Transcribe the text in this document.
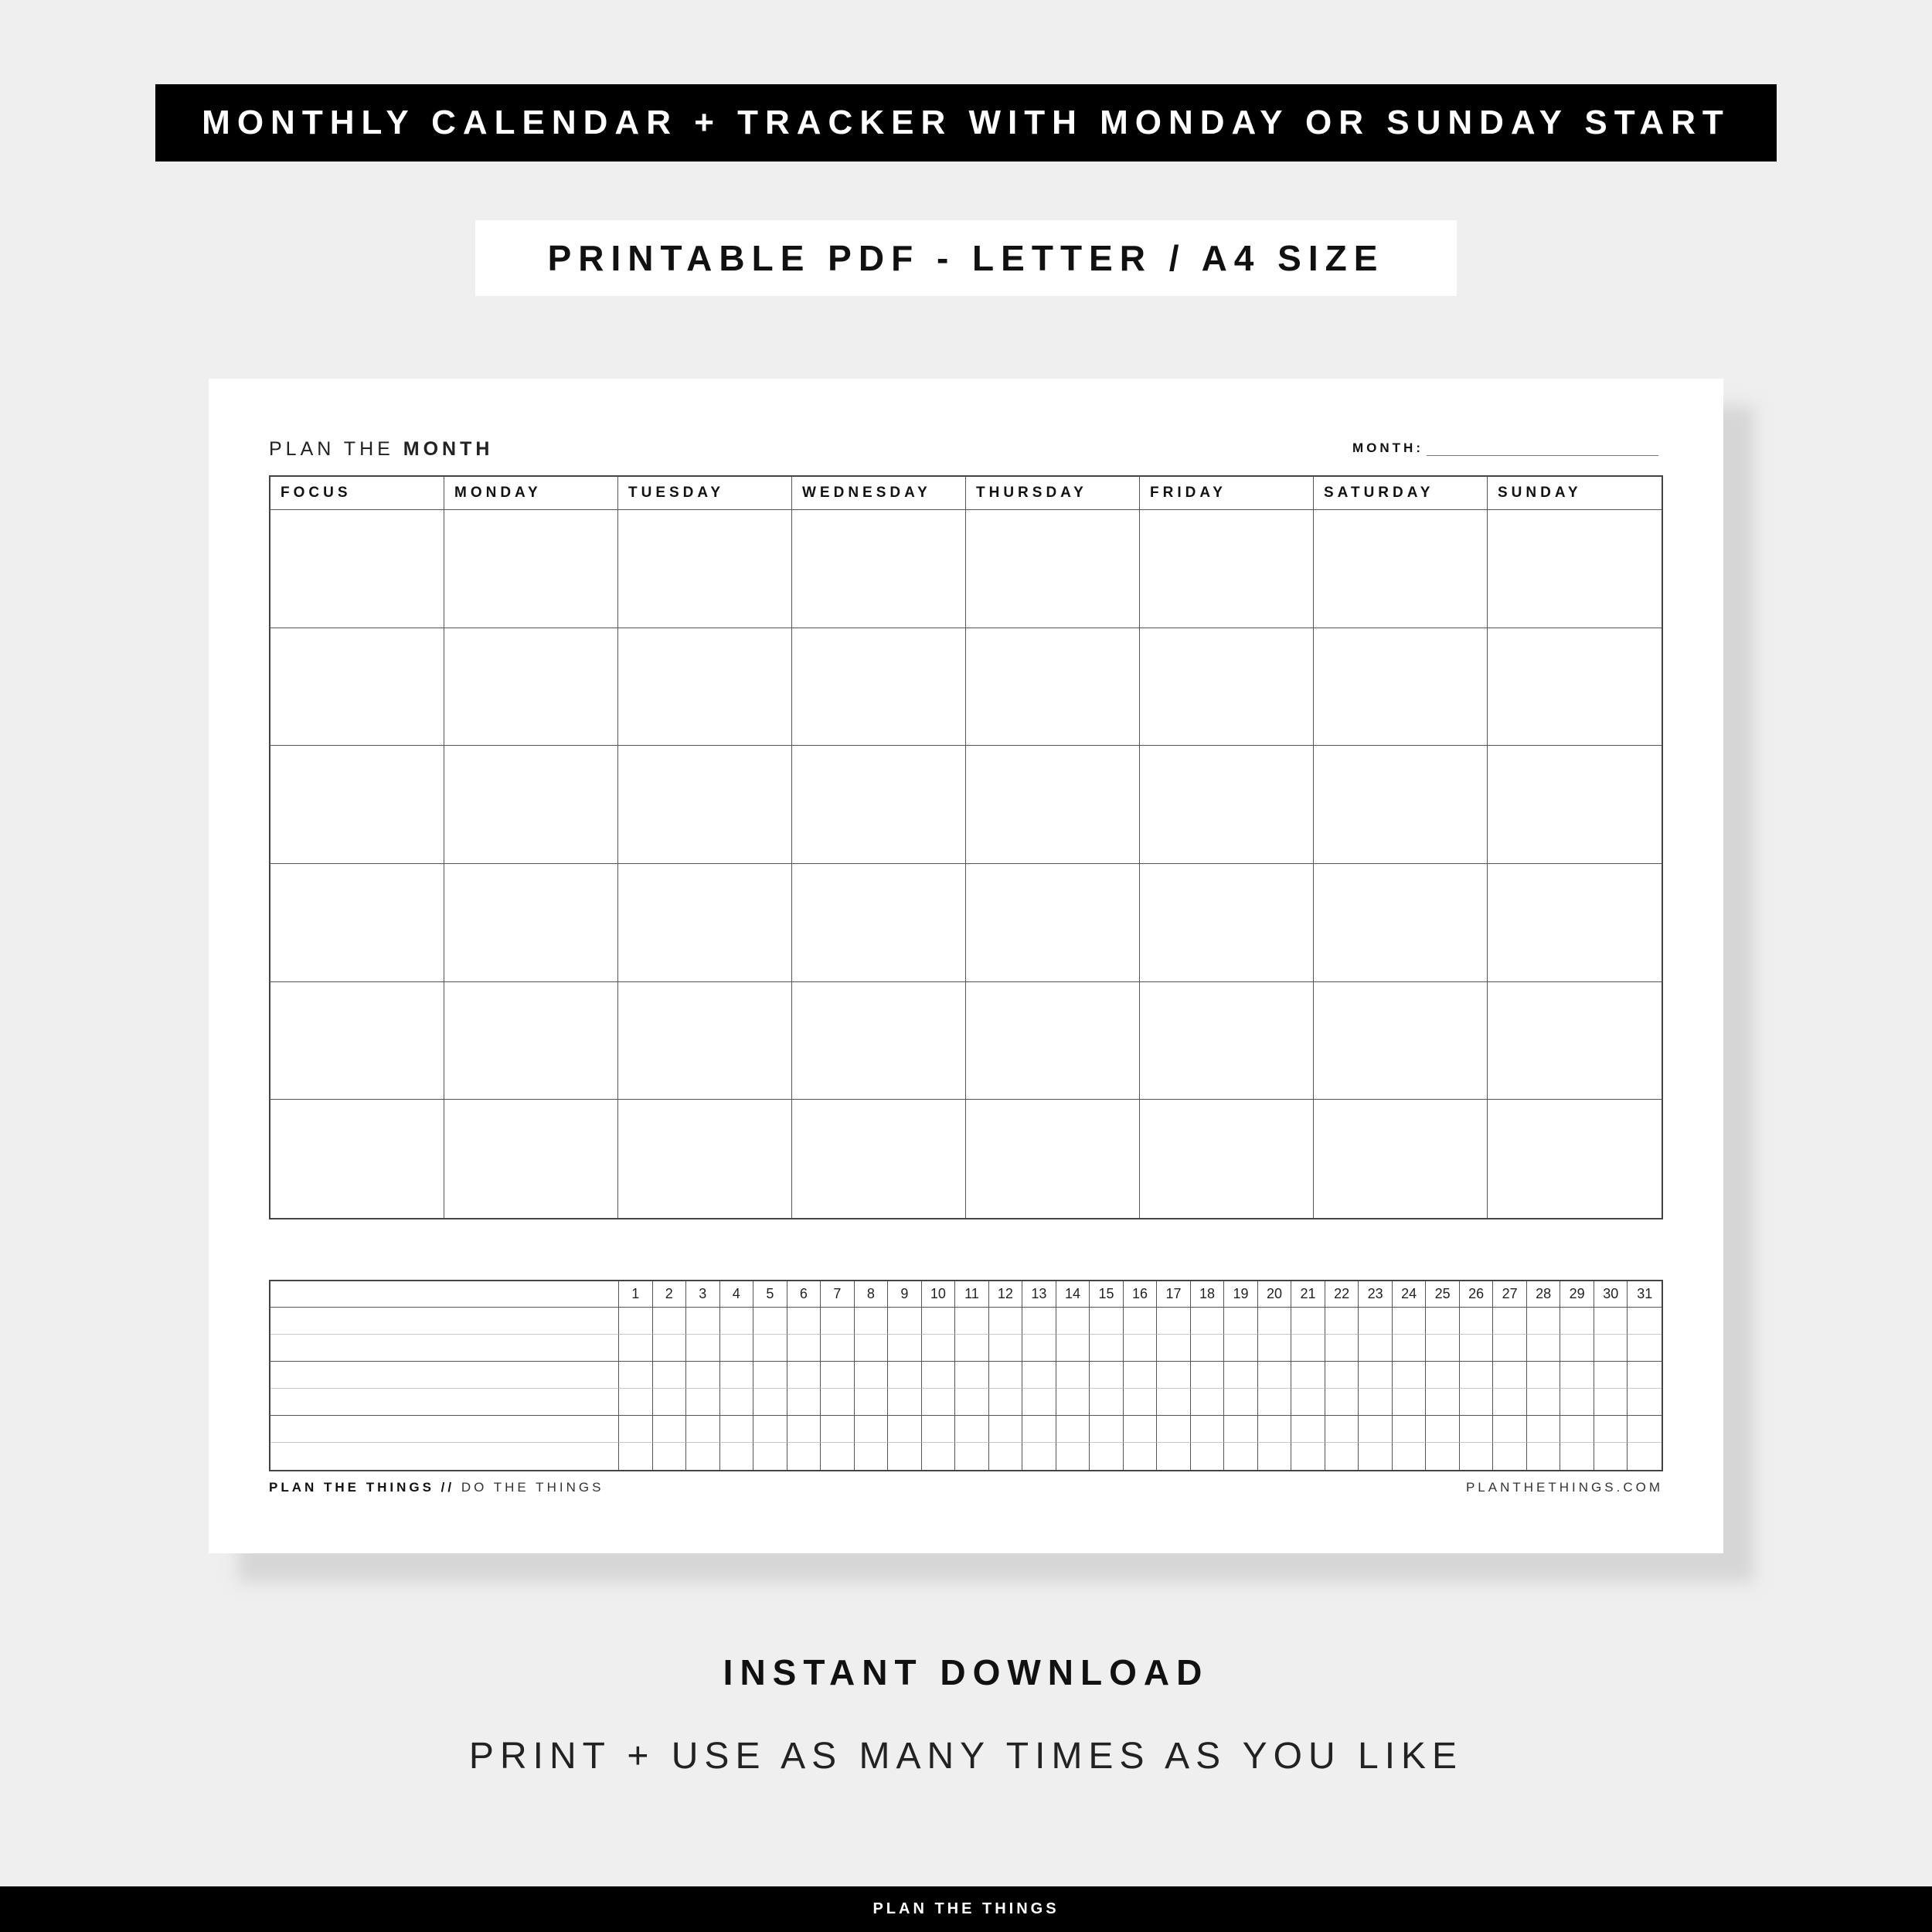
MONTHLY CALENDAR + TRACKER WITH MONDAY OR SUNDAY START
PRINTABLE PDF - LETTER / A4 SIZE
PLAN THE MONTH	MONTH:
FOCUS	MONDAY	TUESDAY	WEDNESDAY	THURSDAY	FRIDAY	SATURDAY	SUNDAY
1	2	3	4	5	6	7	8	9	10	11	12	13	14	15	16	17	18	19	20	21	22	23	24	25	26	27	28	29	30	31
PLAN THE THINGS // DO THE THINGS	PLANTHETHINGS.COM
INSTANT DOWNLOAD
PRINT + USE AS MANY TIMES AS YOU LIKE
PLAN THE THINGS
